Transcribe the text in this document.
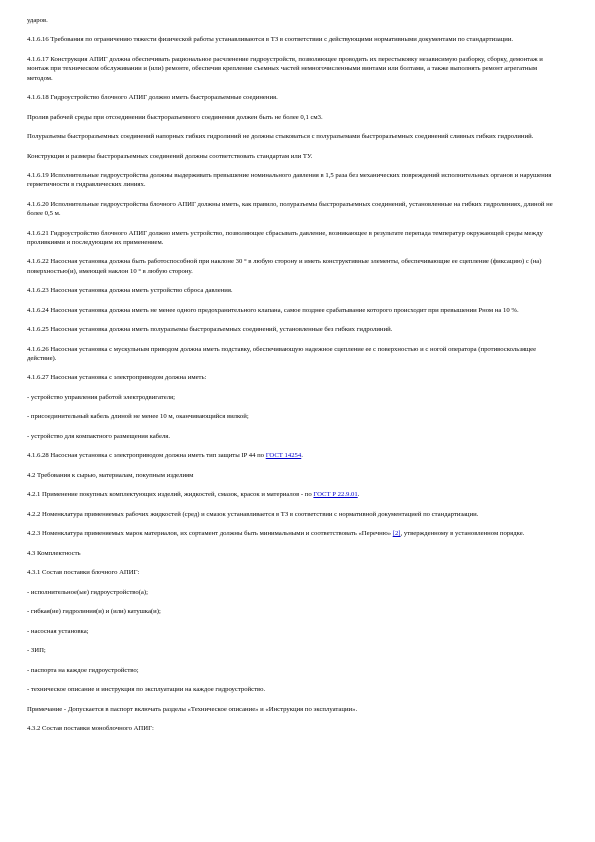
ударов.

4.1.6.16 Требования по ограничению тяжести физической работы устанавливаются в ТЗ в соответствии с действующими нормативными документами по стандартизации.

4.1.6.17 Конструкция АПИГ должна обеспечивать рациональное расчленение гидроустройств, позволяющее проводить их перестыковку независимую разборку, сборку, демонтаж и монтаж при техническом обслуживании и (или) ремонте, обеспечив крепление съемных частей немногочисленными винтами или болтами, а также выполнять ремонт агрегатным методом.

4.1.6.18 Гидроустройство блочного АПИГ должно иметь быстроразъемные соединения.

Пролив рабочей среды при отсоединении быстроразъемного соединения должен быть не более 0,1 см3.

Полуразъемы быстроразъемных соединений напорных гибких гидролиний не должны стыковаться с полуразъемами быстроразъемных соединений сливных гибких гидролиний.

Конструкция и размеры быстроразъемных соединений должны соответствовать стандартам или ТУ.

4.1.6.19 Исполнительные гидроустройства должны выдерживать превышение номинального давления в 1,5 раза без механических повреждений исполнительных органов и нарушения герметичности в гидравлических линиях.

4.1.6.20 Исполнительные гидроустройства блочного АПИГ должны иметь, как правило, полуразъемы быстроразъемных соединений, установленные на гибких гидролиниях, длиной не более 0,5 м.

4.1.6.21 Гидроустройство блочного АПИГ должно иметь устройство, позволяющее сбрасывать давление, возникающее в результате перепада температур окружающей среды между проливкиями и последующим их применением.

4.1.6.22 Насосная установка должна быть работоспособной при наклоне 30 ° в любую сторону и иметь конструктивные элементы, обеспечивающие ее сцепление (фиксацию) с (на) поверхностью(и), имеющей наклон 10 ° в любую сторону.

4.1.6.23 Насосная установка должна иметь устройство сброса давления.

4.1.6.24 Насосная установка должна иметь не менее одного предохранительного клапана, самое позднее срабатывание которого происходит при превышении Pном на 10 %.

4.1.6.25 Насосная установка должна иметь полуразъемы быстроразъемных соединений, установленные без гибких гидролиний.

4.1.6.26 Насосная установка с мускульным приводом должна иметь подставку, обеспечивающую надежное сцепление ее с поверхностью и с ногой оператора (противоскользящее действие).

4.1.6.27 Насосная установка с электроприводом должна иметь:

- устройство управления работой электродвигателя;

- присоединительный кабель длиной не менее 10 м, оканчивающийся вилкой;

- устройство для компактного размещения кабеля.

4.1.6.28 Насосная установка с электроприводом должна иметь тип защиты IP 44 по ГОСТ 14254.

4.2 Требования к сырью, материалам, покупным изделиям

4.2.1 Применение покупных комплектующих изделий, жидкостей, смазок, красок и материалов - по ГОСТ Р 22.9.01.

4.2.2 Номенклатура применяемых рабочих жидкостей (сред) и смазок устанавливается в ТЗ в соответствии с нормативной документацией по стандартизации.

4.2.3 Номенклатура применяемых марок материалов, их сортамент должны быть минимальными и соответствовать «Перечню» [2], утвержденному в установленном порядке.

4.3 Комплектность

4.3.1 Состав поставки блочного АПИГ:

- исполнительное(ые) гидроустройство(а);

- гибкая(ие) гидролиния(и) и (или) катушка(и);

- насосная установка;

- ЗИП;

- паспорта на каждое гидроустройство;

- техническое описание и инструкция по эксплуатации на каждое гидроустройство.

Примечание - Допускается в паспорт включать разделы «Техническое описание» и «Инструкция по эксплуатации».

4.3.2 Состав поставки моноблочного АПИГ:
